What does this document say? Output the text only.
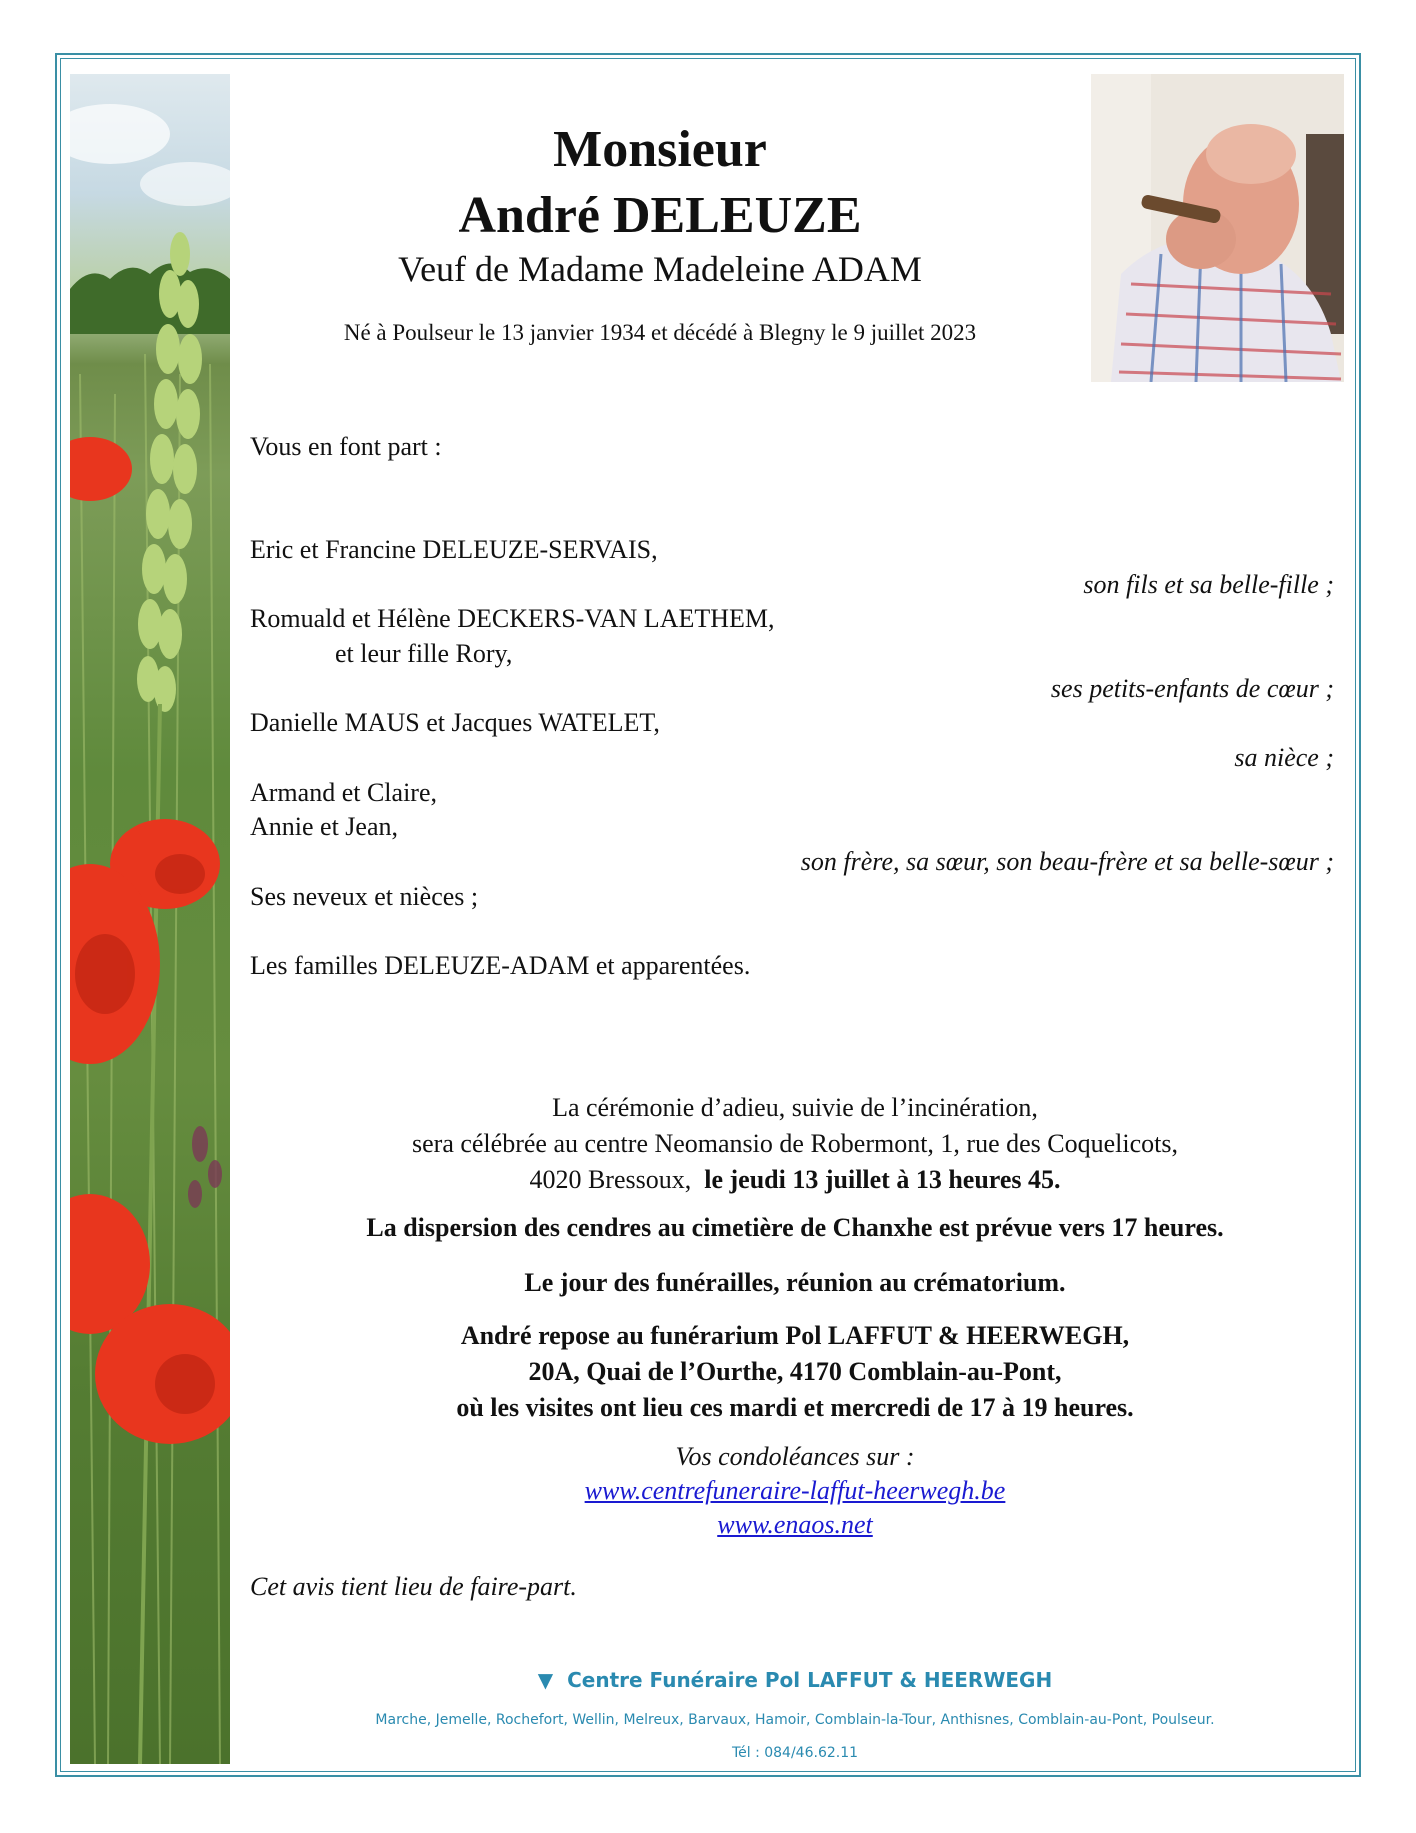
Monsieur
André DELEUZE
Veuf de Madame Madeleine ADAM
Né à Poulseur le 13 janvier 1934 et décédé à Blegny le 9 juillet 2023
Vous en font part :
Eric et Francine DELEUZE-SERVAIS,
son fils et sa belle-fille ;
Romuald et Hélène DECKERS-VAN LAETHEM,
et leur fille Rory,
ses petits-enfants de cœur ;
Danielle MAUS et Jacques WATELET,
sa nièce ;
Armand et Claire,
Annie et Jean,
son frère, sa sœur, son beau-frère et sa belle-sœur ;
Ses neveux et nièces ;
Les familles DELEUZE-ADAM et apparentées.
La cérémonie d’adieu, suivie de l’incinération,
sera célébrée au centre Neomansio de Robermont, 1, rue des Coquelicots,
4020 Bressoux, le jeudi 13 juillet à 13 heures 45.
La dispersion des cendres au cimetière de Chanxhe est prévue vers 17 heures.
Le jour des funérailles, réunion au crématorium.
André repose au funérarium Pol LAFFUT & HEERWEGH,
20A, Quai de l’Ourthe, 4170 Comblain-au-Pont,
où les visites ont lieu ces mardi et mercredi de 17 à 19 heures.
Vos condoléances sur :
www.centrefuneraire-laffut-heerwegh.be
www.enaos.net
Cet avis tient lieu de faire-part.
▼ Centre Funéraire Pol LAFFUT & HEERWEGH
Marche, Jemelle, Rochefort, Wellin, Melreux, Barvaux, Hamoir, Comblain-la-Tour, Anthisnes, Comblain-au-Pont, Poulseur.
Tél : 084/46.62.11
